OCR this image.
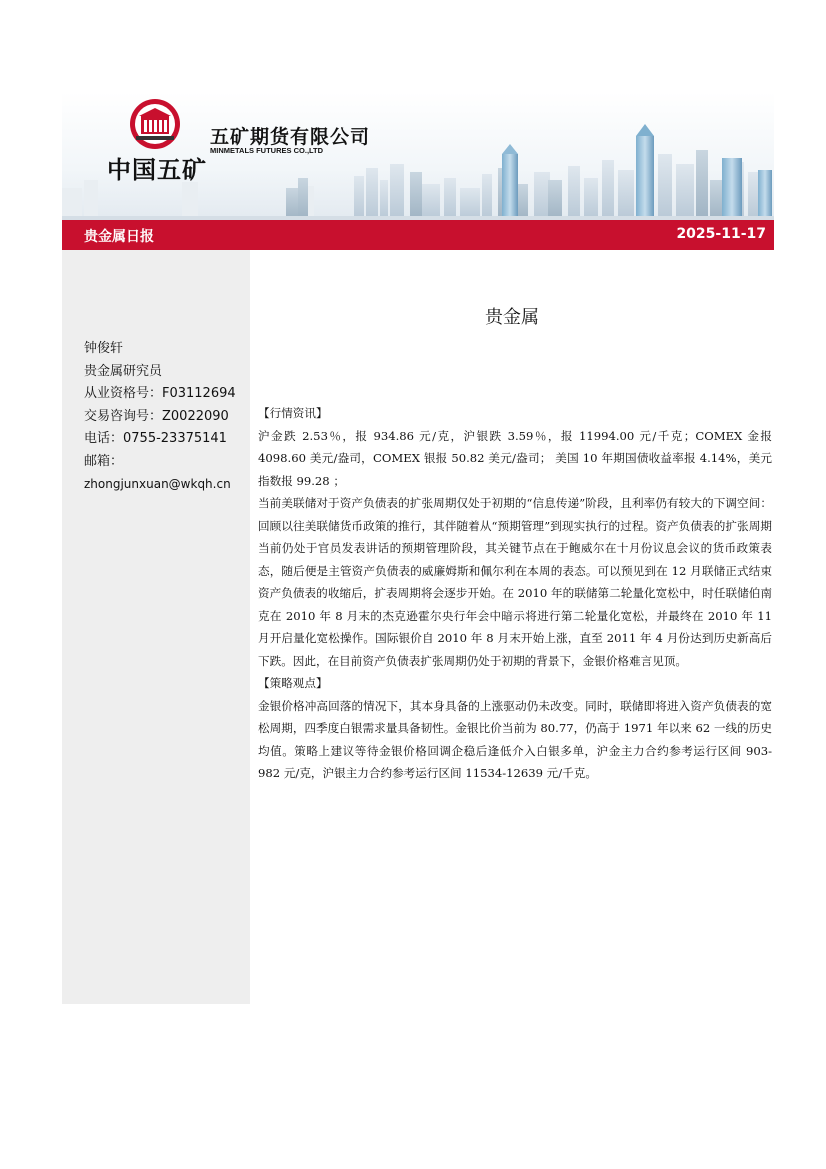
中国五矿
五矿期货有限公司
MINMETALS FUTURES CO.,LTD
贵金属日报	2025-11-17
钟俊轩
贵金属研究员
从业资格号：F03112694
交易咨询号：Z0022090
电话：0755-23375141
邮箱：
zhongjunxuan@wkqh.cn
贵金属

【行情资讯】

沪金跌 2.53％，报 934.86 元/克，沪银跌 3.59％，报 11994.00 元/千克；COMEX 金报 4098.60 美元/盎司，COMEX 银报 50.82 美元/盎司； 美国 10 年期国债收益率报 4.14%，美元指数报 99.28 ；

当前美联储对于资产负债表的扩张周期仅处于初期的“信息传递”阶段，且利率仍有较大的下调空间：回顾以往美联储货币政策的推行，其伴随着从“预期管理”到现实执行的过程。资产负债表的扩张周期当前仍处于官员发表讲话的预期管理阶段，其关键节点在于鲍威尔在十月份议息会议的货币政策表态，随后便是主管资产负债表的威廉姆斯和佩尔利在本周的表态。可以预见到在 12 月联储正式结束资产负债表的收缩后，扩表周期将会逐步开始。在 2010 年的联储第二轮量化宽松中，时任联储伯南克在 2010 年 8 月末的杰克逊霍尔央行年会中暗示将进行第二轮量化宽松，并最终在 2010 年 11 月开启量化宽松操作。国际银价自 2010 年 8 月末开始上涨，直至 2011 年 4 月份达到历史新高后下跌。因此，在目前资产负债表扩张周期仍处于初期的背景下，金银价格难言见顶。

【策略观点】

金银价格冲高回落的情况下，其本身具备的上涨驱动仍未改变。同时，联储即将进入资产负债表的宽松周期，四季度白银需求量具备韧性。金银比价当前为 80.77，仍高于 1971 年以来 62 一线的历史均值。策略上建议等待金银价格回调企稳后逢低介入白银多单，沪金主力合约参考运行区间 903-982 元/克，沪银主力合约参考运行区间 11534-12639 元/千克。
